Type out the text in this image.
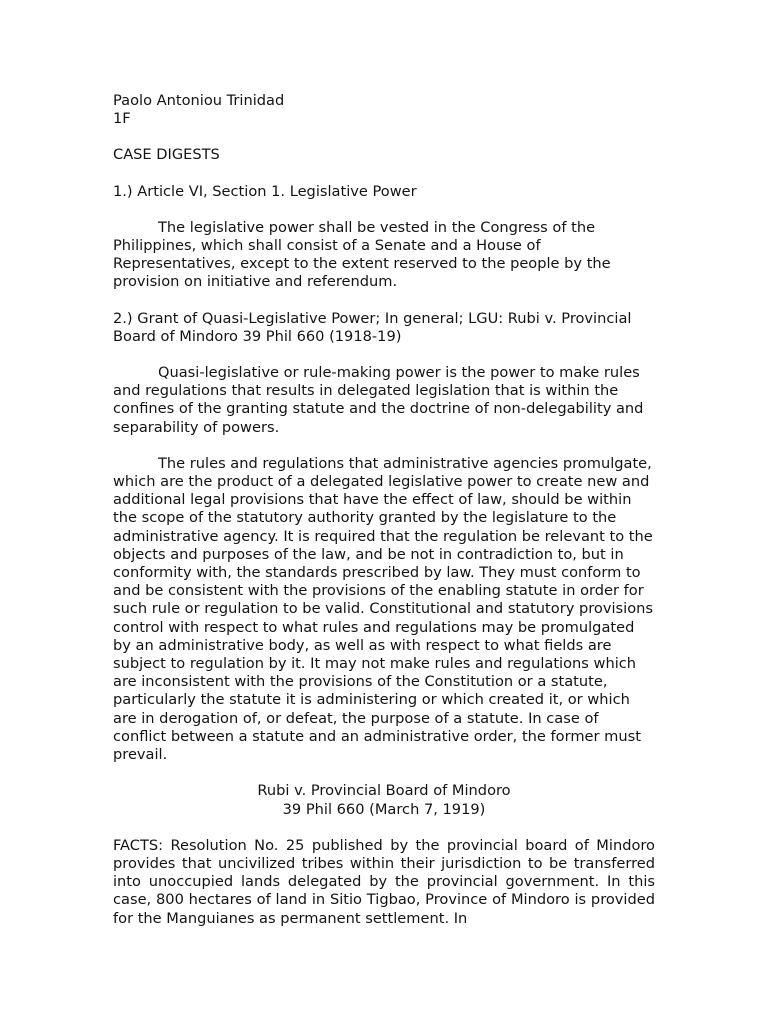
Paolo Antoniou Trinidad

1F

CASE DIGESTS

1.) Article VI, Section 1. Legislative Power

The legislative power shall be vested in the Congress of the Philippines, which shall consist of a Senate and a House of Representatives, except to the extent reserved to the people by the provision on initiative and referendum.

2.) Grant of Quasi-Legislative Power; In general; LGU: Rubi v. Provincial Board of Mindoro 39 Phil 660 (1918-19)

Quasi-legislative or rule-making power is the power to make rules and regulations that results in delegated legislation that is within the confines of the granting statute and the doctrine of non-delegability and separability of powers.

The rules and regulations that administrative agencies promulgate, which are the product of a delegated legislative power to create new and additional legal provisions that have the effect of law, should be within the scope of the statutory authority granted by the legislature to the administrative agency. It is required that the regulation be relevant to the objects and purposes of the law, and be not in contradiction to, but in conformity with, the standards prescribed by law. They must conform to and be consistent with the provisions of the enabling statute in order for such rule or regulation to be valid. Constitutional and statutory provisions control with respect to what rules and regulations may be promulgated by an administrative body, as well as with respect to what fields are subject to regulation by it. It may not make rules and regulations which are inconsistent with the provisions of the Constitution or a statute, particularly the statute it is administering or which created it, or which are in derogation of, or defeat, the purpose of a statute. In case of conflict between a statute and an administrative order, the former must prevail.

Rubi v. Provincial Board of Mindoro

39 Phil 660 (March 7, 1919)

FACTS: Resolution No. 25 published by the provincial board of Mindoro provides that uncivilized tribes within their jurisdiction to be transferred into unoccupied lands delegated by the provincial government. In this case, 800 hectares of land in Sitio Tigbao, Province of Mindoro is provided for the Manguianes as permanent settlement. In
